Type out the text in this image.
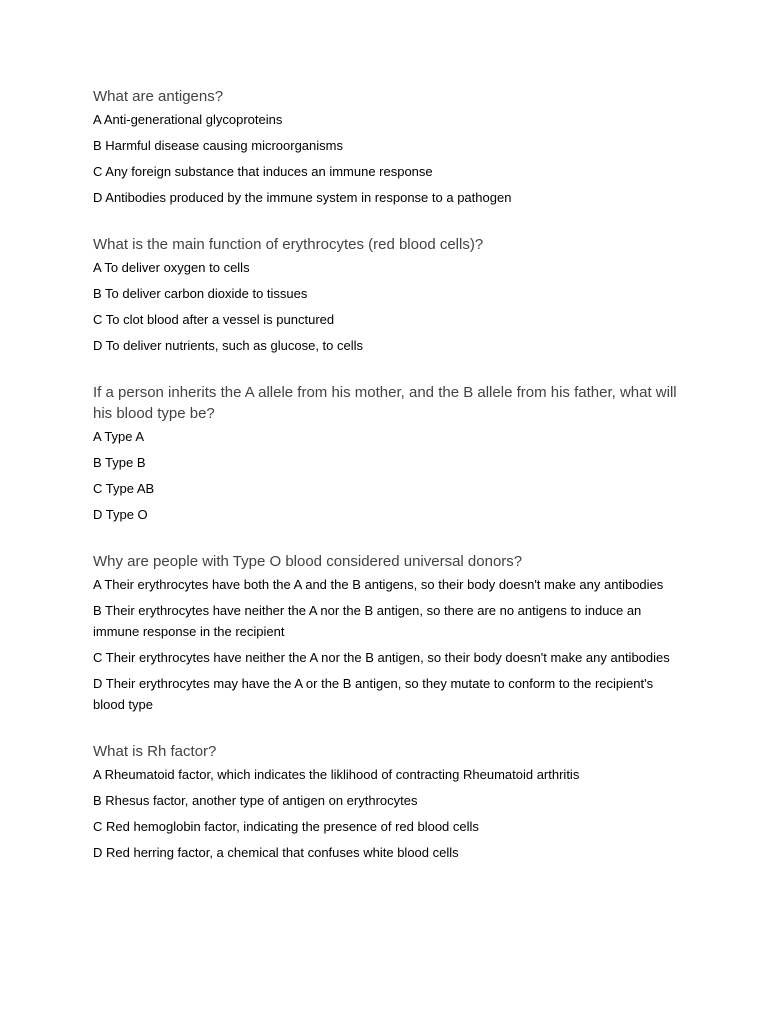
What are antigens?
A Anti-generational glycoproteins
B Harmful disease causing microorganisms
C Any foreign substance that induces an immune response
D Antibodies produced by the immune system in response to a pathogen
What is the main function of erythrocytes (red blood cells)?
A To deliver oxygen to cells
B To deliver carbon dioxide to tissues
C To clot blood after a vessel is punctured
D To deliver nutrients, such as glucose, to cells
If a person inherits the A allele from his mother, and the B allele from his father, what will his blood type be?
A Type A
B Type B
C Type AB
D Type O
Why are people with Type O blood considered universal donors?
A Their erythrocytes have both the A and the B antigens, so their body doesn't make any antibodies
B Their erythrocytes have neither the A nor the B antigen, so there are no antigens to induce an immune response in the recipient
C Their erythrocytes have neither the A nor the B antigen, so their body doesn't make any antibodies
D Their erythrocytes may have the A or the B antigen, so they mutate to conform to the recipient's blood type
What is Rh factor?
A Rheumatoid factor, which indicates the liklihood of contracting Rheumatoid arthritis
B Rhesus factor, another type of antigen on erythrocytes
C Red hemoglobin factor, indicating the presence of red blood cells
D Red herring factor, a chemical that confuses white blood cells
